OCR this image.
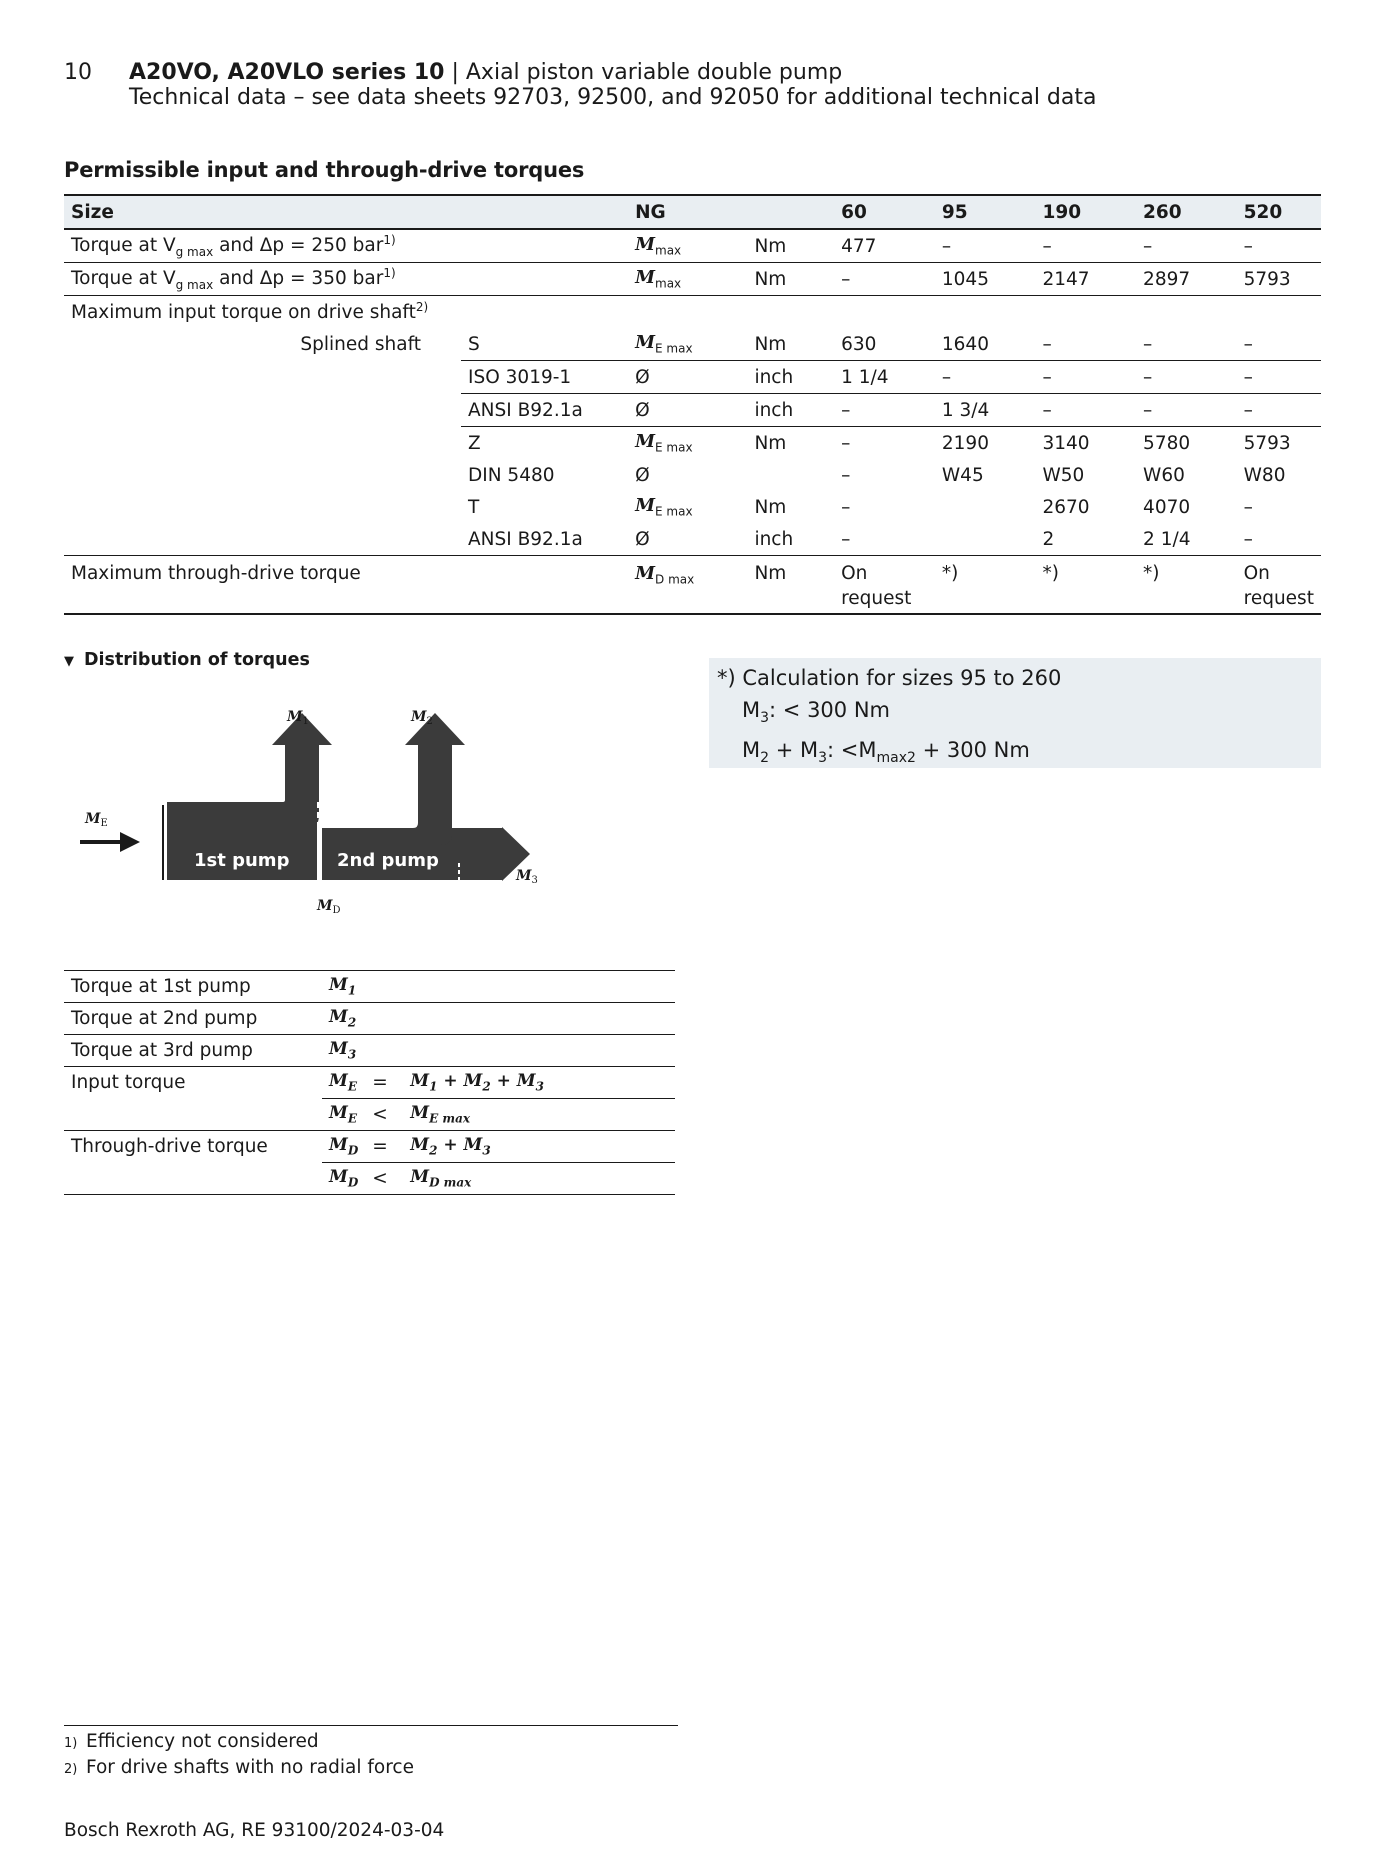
10 A20VO, A20VLO series 10 | Axial piston variable double pump
Technical data – see data sheets 92703, 92500, and 92050 for additional technical data
Permissible input and through-drive torques
Size		NG		60	95	190	260	520
Torque at $V_{g max}$ and Δp = 250 bar$^{1)}$		$M_{max}$	Nm	477	–	–	–	–
Torque at $V_{g max}$ and Δp = 350 bar$^{1)}$		$M_{max}$	Nm	–	1045	2147	2897	5793
Maximum input torque on drive shaft$^{2)}$
Splined shaft	S	$M_{E max}$	Nm	630	1640	–	–	–
	ISO 3019-1	Ø	inch	1 1/4	–	–	–	–
	ANSI B92.1a	Ø	inch	–	1 3/4	–	–	–
	Z	$M_{E max}$	Nm	–	2190	3140	5780	5793
	DIN 5480	Ø		–	W45	W50	W60	W80
	T	$M_{E max}$	Nm	–		2670	4070	–
	ANSI B92.1a	Ø	inch	–		2	2 1/4	–
Maximum through-drive torque		$M_{D max}$	Nm	On request	*)	*)	*)	On request
▼ Distribution of torques
1st pump	2nd pump
$M_E$
$M_1$	$M_2$
$M_3$
$M_D$
*) Calculation for sizes 95 to 260
$M_3$: < 300 Nm
$M_2 + M_3$: $<M_{max2} + 300$ Nm
Torque at 1st pump	$M_1$		
Torque at 2nd pump	$M_2$		
Torque at 3rd pump	$M_3$		
Input torque	$M_E$	=	$M_1 + M_2 + M_3$
	$M_E$	<	$M_{E max}$
Through-drive torque	$M_D$	=	$M_2 + M_3$
	$M_D$	<	$M_{D max}$
1) Efficiency not considered
2) For drive shafts with no radial force
Bosch Rexroth AG, RE 93100/2024-03-04
